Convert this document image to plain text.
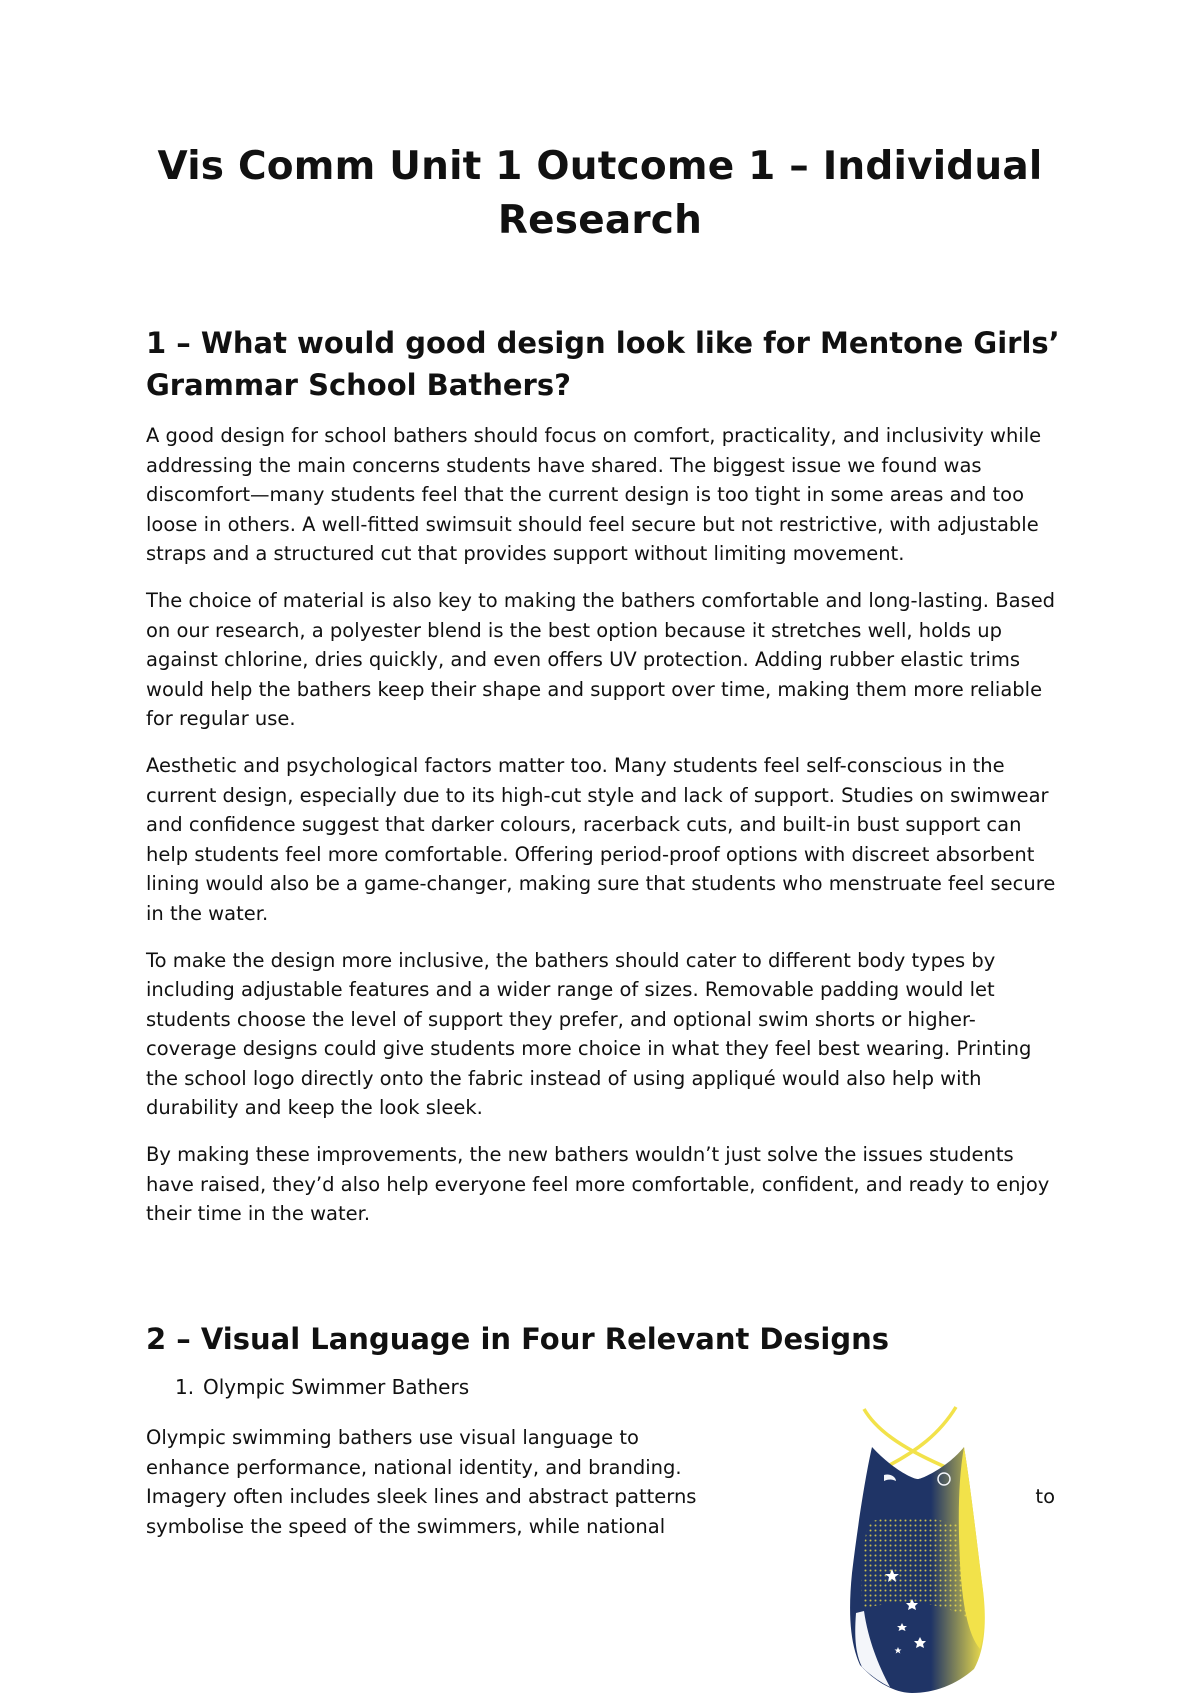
Vis Comm Unit 1 Outcome 1 – Individual Research
1 – What would good design look like for Mentone Girls’ Grammar School Bathers?

A good design for school bathers should focus on comfort, practicality, and inclusivity while addressing the main concerns students have shared. The biggest issue we found was discomfort—many students feel that the current design is too tight in some areas and too loose in others. A well-fitted swimsuit should feel secure but not restrictive, with adjustable straps and a structured cut that provides support without limiting movement.

The choice of material is also key to making the bathers comfortable and long-lasting. Based on our research, a polyester blend is the best option because it stretches well, holds up against chlorine, dries quickly, and even offers UV protection. Adding rubber elastic trims would help the bathers keep their shape and support over time, making them more reliable for regular use.

Aesthetic and psychological factors matter too. Many students feel self-conscious in the current design, especially due to its high-cut style and lack of support. Studies on swimwear and confidence suggest that darker colours, racerback cuts, and built-in bust support can help students feel more comfortable. Offering period-proof options with discreet absorbent lining would also be a game-changer, making sure that students who menstruate feel secure in the water.

To make the design more inclusive, the bathers should cater to different body types by including adjustable features and a wider range of sizes. Removable padding would let students choose the level of support they prefer, and optional swim shorts or higher-coverage designs could give students more choice in what they feel best wearing. Printing the school logo directly onto the fabric instead of using appliqué would also help with durability and keep the look sleek.

By making these improvements, the new bathers wouldn’t just solve the issues students have raised, they’d also help everyone feel more comfortable, confident, and ready to enjoy their time in the water.

2 – Visual Language in Four Relevant Designs
1. Olympic Swimmer Bathers
Olympic swimming bathers use visual language to
enhance performance, national identity, and branding.
Imagery often includes sleek lines and abstract patterns	to
symbolise the speed of the swimmers, while national
